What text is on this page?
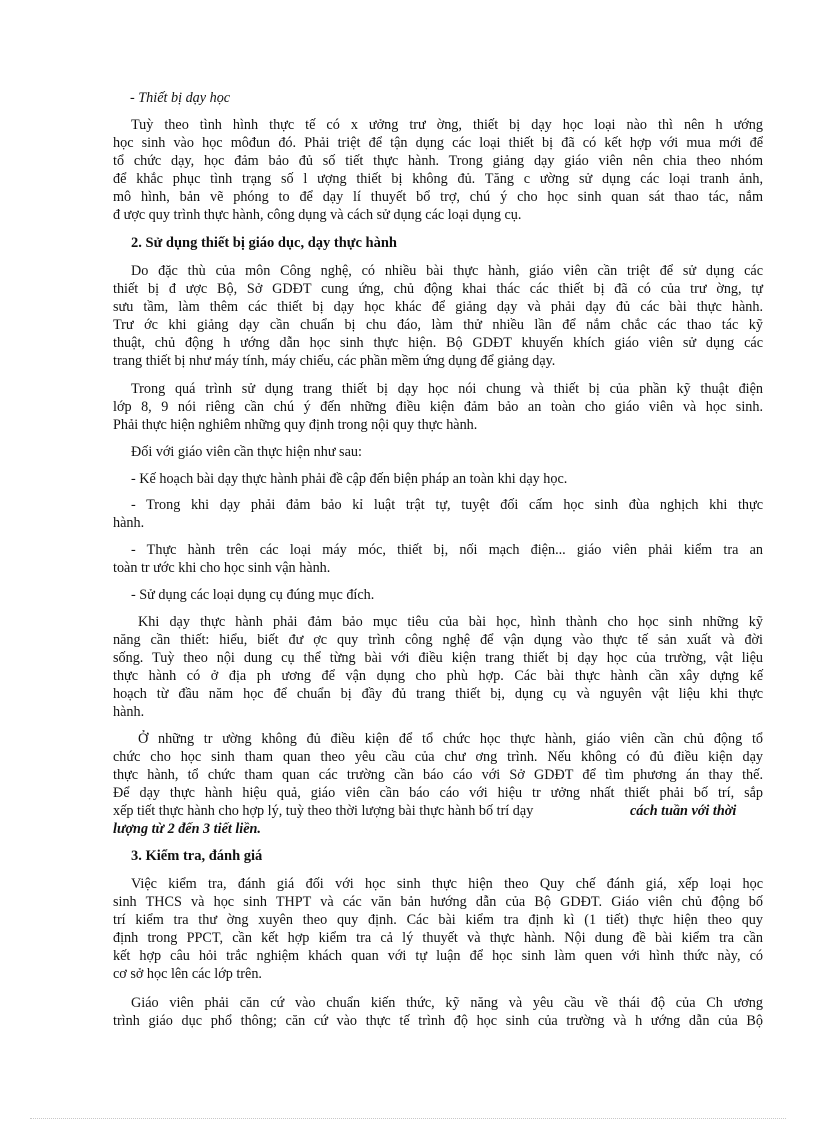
- Thiết bị dạy học
Tuỳ theo tình hình thực tế có x ưởng trư ờng, thiết bị dạy học loại nào thì nên h ướng
học sinh vào học môđun đó. Phải triệt để tận dụng các loại thiết bị đã có kết hợp với mua mới để
tổ chức dạy, học đảm bảo đủ số tiết thực hành. Trong giảng dạy giáo viên nên chia theo nhóm
để khắc phục tình trạng số l ượng thiết bị không đủ. Tăng c ường sử dụng các loại tranh ảnh,
mô hình, bản vẽ phóng to để dạy lí thuyết bổ trợ, chú ý cho học sinh quan sát thao tác, nắm
đ ược quy trình thực hành, công dụng và cách sử dụng các loại dụng cụ.
2. Sử dụng thiết bị giáo dục, dạy thực hành
Do đặc thù của môn Công nghệ, có nhiều bài thực hành, giáo viên cần triệt để sử dụng các
thiết bị đ ược Bộ, Sở GDĐT cung ứng, chủ động khai thác các thiết bị đã có của trư ờng, tự
sưu tầm, làm thêm các thiết bị dạy học khác để giảng dạy và phải dạy đủ các bài thực hành.
Trư ớc khi giảng dạy cần chuẩn bị chu đáo, làm thử nhiều lần để nắm chắc các thao tác kỹ
thuật, chủ động h ướng dẫn học sinh thực hiện. Bộ GDĐT khuyến khích giáo viên sử dụng các
trang thiết bị như máy tính, máy chiếu, các phần mềm ứng dụng để giảng dạy.
Trong quá trình sử dụng trang thiết bị dạy học nói chung và thiết bị của phần kỹ thuật điện
lớp 8, 9 nói riêng cần chú ý đến những điều kiện đảm bảo an toàn cho giáo viên và học sinh.
Phải thực hiện nghiêm những quy định trong nội quy thực hành.
Đối với giáo viên cần thực hiện như sau:
- Kế hoạch bài dạy thực hành phải đề cập đến biện pháp an toàn khi dạy học.
- Trong khi dạy phải đảm bảo kỉ luật trật tự, tuyệt đối cấm học sinh đùa nghịch khi thực
hành.
- Thực hành trên các loại máy móc, thiết bị, nối mạch điện... giáo viên phải kiểm tra an
toàn tr ước khi cho học sinh vận hành.
- Sử dụng các loại dụng cụ đúng mục đích.
Khi dạy thực hành phải đảm bảo mục tiêu của bài học, hình thành cho học sinh những kỹ
năng cần thiết: hiểu, biết đư ợc quy trình công nghệ để vận dụng vào thực tế sản xuất và đời
sống. Tuỳ theo nội dung cụ thể từng bài với điều kiện trang thiết bị dạy học của trường, vật liệu
thực hành có ở địa ph ương để vận dụng cho phù hợp. Các bài thực hành cần xây dựng kế
hoạch từ đầu năm học để chuẩn bị đầy đủ trang thiết bị, dụng cụ và nguyên vật liệu khi thực
hành.
Ở những tr ường không đủ điều kiện để tổ chức học thực hành, giáo viên cần chủ động tổ
chức cho học sinh tham quan theo yêu cầu của chư ơng trình. Nếu không có đủ điều kiện dạy
thực hành, tổ chức tham quan các trường cần báo cáo với Sở GDĐT để tìm phương án thay thế.
Để dạy thực hành hiệu quả, giáo viên cần báo cáo với hiệu tr ưởng nhất thiết phải bố trí, sắp
xếp tiết thực hành cho hợp lý, tuỳ theo thời lượng bài thực hành bố trí dạy	cách tuần với thời
lượng từ 2 đến 3 tiết liền.
3. Kiểm tra, đánh giá
Việc kiểm tra, đánh giá đối với học sinh thực hiện theo Quy chế đánh giá, xếp loại học
sinh THCS và học sinh THPT và các văn bản hướng dẫn của Bộ GDĐT. Giáo viên chủ động bố
trí kiểm tra thư ờng xuyên theo quy định. Các bài kiểm tra định kì (1 tiết) thực hiện theo quy
định trong PPCT, cần kết hợp kiểm tra cả lý thuyết và thực hành. Nội dung đề bài kiểm tra cần
kết hợp câu hỏi trắc nghiệm khách quan với tự luận để học sinh làm quen với hình thức này, có
cơ sở học lên các lớp trên.
Giáo viên phải căn cứ vào chuẩn kiến thức, kỹ năng và yêu cầu về thái độ của Ch ương
trình giáo dục phổ thông; căn cứ vào thực tế trình độ học sinh của trường và h ướng dẫn của Bộ
